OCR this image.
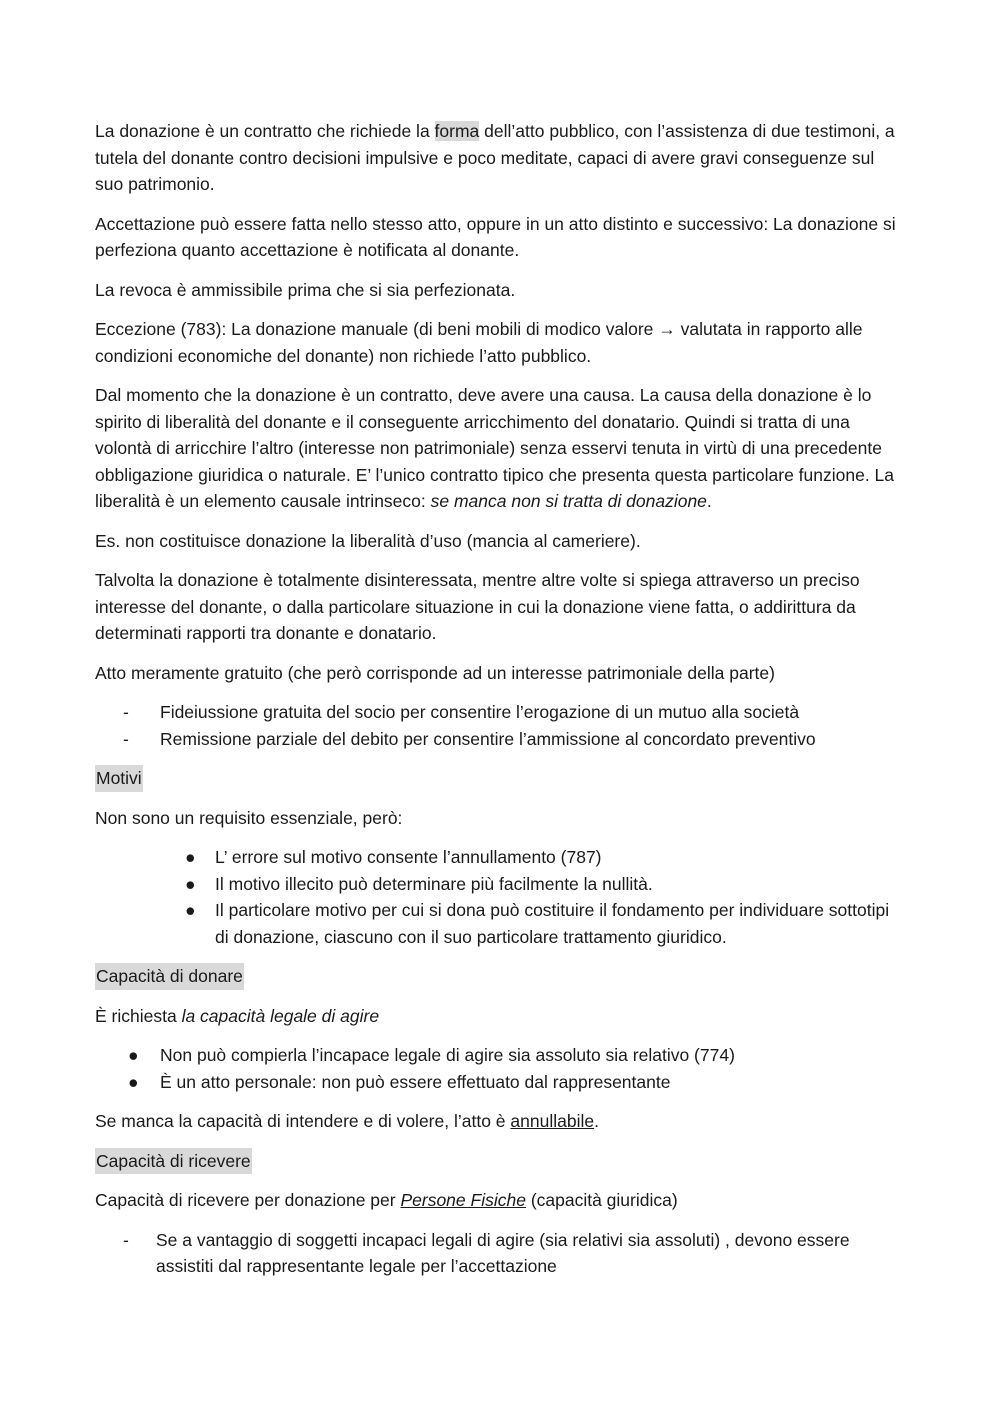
La donazione è un contratto che richiede la forma dell’atto pubblico, con l’assistenza di due testimoni, a tutela del donante contro decisioni impulsive e poco meditate, capaci di avere gravi conseguenze sul suo patrimonio.

Accettazione può essere fatta nello stesso atto, oppure in un atto distinto e successivo: La donazione si perfeziona quanto accettazione è notificata al donante.

La revoca è ammissibile prima che si sia perfezionata.

Eccezione (783): La donazione manuale (di beni mobili di modico valore → valutata in rapporto alle condizioni economiche del donante) non richiede l’atto pubblico.

Dal momento che la donazione è un contratto, deve avere una causa. La causa della donazione è lo spirito di liberalità del donante e il conseguente arricchimento del donatario. Quindi si tratta di una volontà di arricchire l’altro (interesse non patrimoniale) senza esservi tenuta in virtù di una precedente obbligazione giuridica o naturale. E’ l’unico contratto tipico che presenta questa particolare funzione. La liberalità è un elemento causale intrinseco: se manca non si tratta di donazione.

Es. non costituisce donazione la liberalità d’uso (mancia al cameriere).

Talvolta la donazione è totalmente disinteressata, mentre altre volte si spiega attraverso un preciso interesse del donante, o dalla particolare situazione in cui la donazione viene fatta, o addirittura da determinati rapporti tra donante e donatario.

Atto meramente gratuito (che però corrisponde ad un interesse patrimoniale della parte)

- Fideiussione gratuita del socio per consentire l’erogazione di un mutuo alla società
- Remissione parziale del debito per consentire l’ammissione al concordato preventivo
Motivi

Non sono un requisito essenziale, però:

● L’ errore sul motivo consente l’annullamento (787)
● Il motivo illecito può determinare più facilmente la nullità.
● Il particolare motivo per cui si dona può costituire il fondamento per individuare sottotipi di donazione, ciascuno con il suo particolare trattamento giuridico.
Capacità di donare

È richiesta la capacità legale di agire

● Non può compierla l’incapace legale di agire sia assoluto sia relativo (774)
● È un atto personale: non può essere effettuato dal rappresentante

Se manca la capacità di intendere e di volere, l’atto è annullabile.

Capacità di ricevere

Capacità di ricevere per donazione per Persone Fisiche (capacità giuridica)

- Se a vantaggio di soggetti incapaci legali di agire (sia relativi sia assoluti) , devono essere assistiti dal rappresentante legale per l’accettazione
